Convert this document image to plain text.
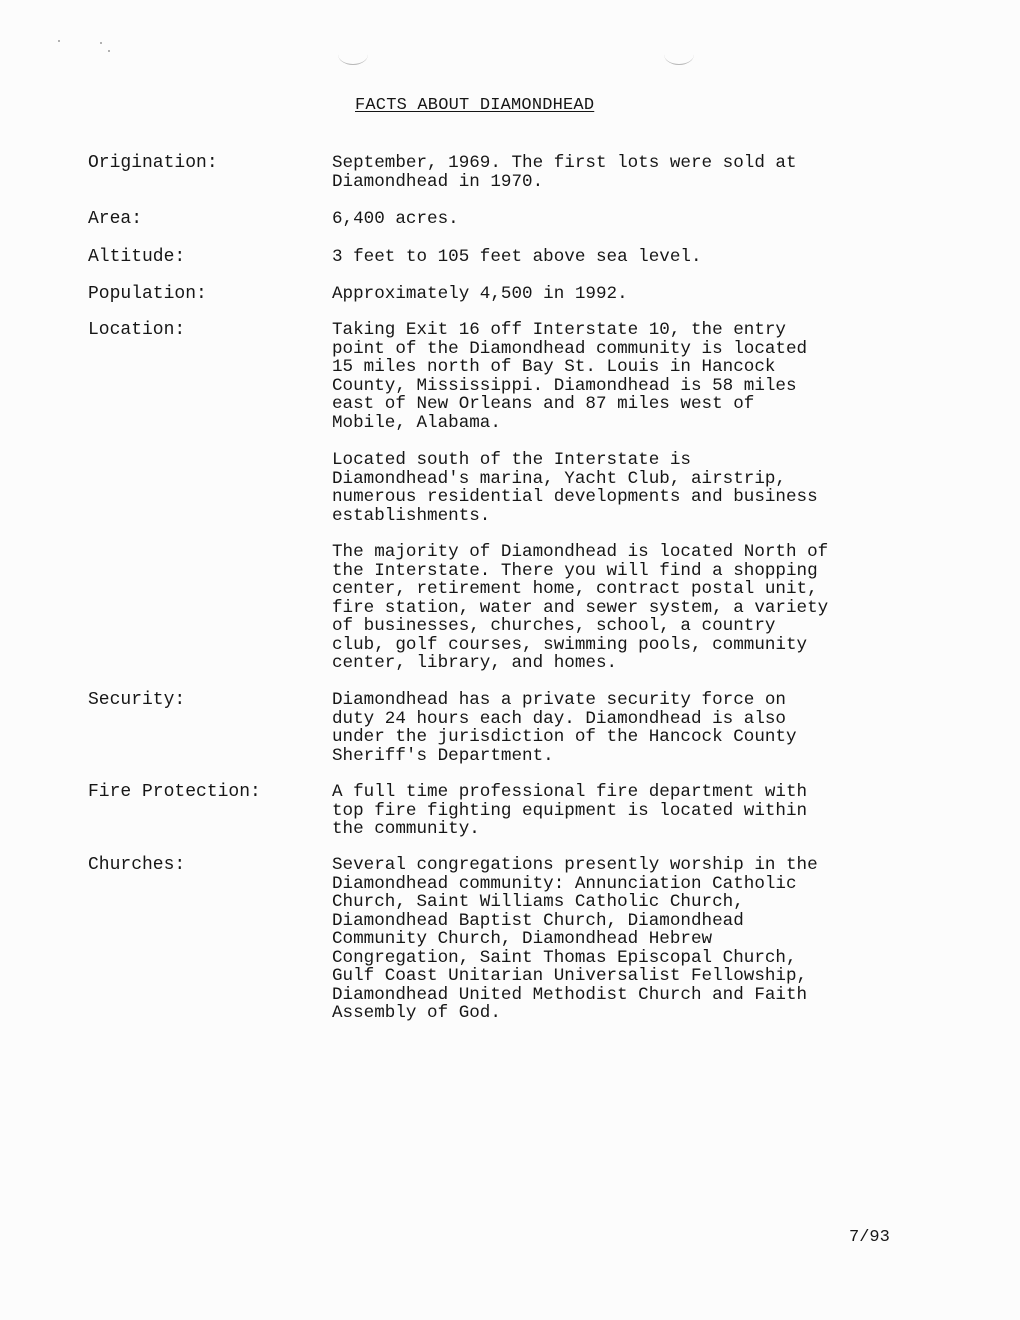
FACTS ABOUT DIAMONDHEAD
Origination:	September, 1969. The first lots were sold at
Diamondhead in 1970.
Area:	6,400 acres.
Altitude:	3 feet to 105 feet above sea level.
Population:	Approximately 4,500 in 1992.
Location:	Taking Exit 16 off Interstate 10, the entry
point of the Diamondhead community is located
15 miles north of Bay St. Louis in Hancock
County, Mississippi. Diamondhead is 58 miles
east of New Orleans and 87 miles west of
Mobile, Alabama.
Located south of the Interstate is
Diamondhead's marina, Yacht Club, airstrip,
numerous residential developments and business
establishments.
The majority of Diamondhead is located North of
the Interstate. There you will find a shopping
center, retirement home, contract postal unit,
fire station, water and sewer system, a variety
of businesses, churches, school, a country
club, golf courses, swimming pools, community
center, library, and homes.
Security:	Diamondhead has a private security force on
duty 24 hours each day. Diamondhead is also
under the jurisdiction of the Hancock County
Sheriff's Department.
Fire Protection:	A full time professional fire department with
top fire fighting equipment is located within
the community.
Churches:	Several congregations presently worship in the
Diamondhead community: Annunciation Catholic
Church, Saint Williams Catholic Church,
Diamondhead Baptist Church, Diamondhead
Community Church, Diamondhead Hebrew
Congregation, Saint Thomas Episcopal Church,
Gulf Coast Unitarian Universalist Fellowship,
Diamondhead United Methodist Church and Faith
Assembly of God.
7/93
